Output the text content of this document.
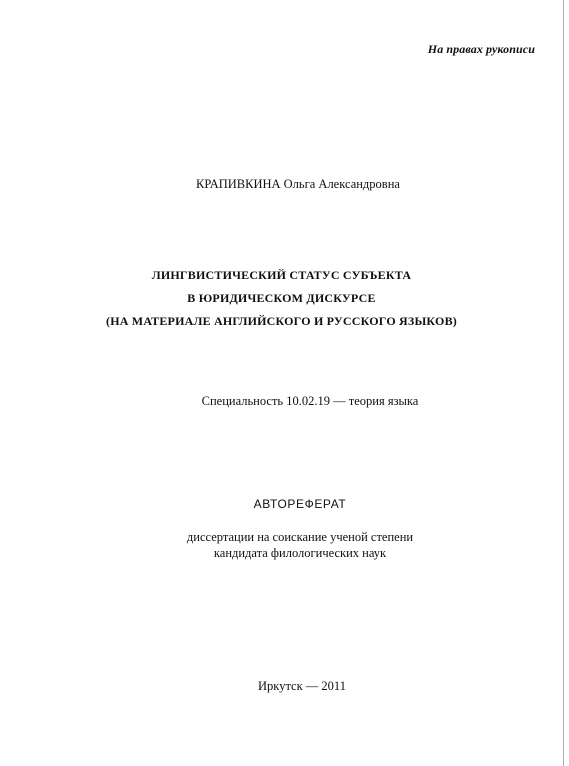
На правах рукописи
КРАПИВКИНА Ольга Александровна
ЛИНГВИСТИЧЕСКИЙ СТАТУС СУБЪЕКТА
В ЮРИДИЧЕСКОМ ДИСКУРСЕ
(НА МАТЕРИАЛЕ АНГЛИЙСКОГО И РУССКОГО ЯЗЫКОВ)
Специальность 10.02.19 — теория языка
АВТОРЕФЕРАТ
диссертации на соискание ученой степени
кандидата филологических наук
Иркутск — 2011
